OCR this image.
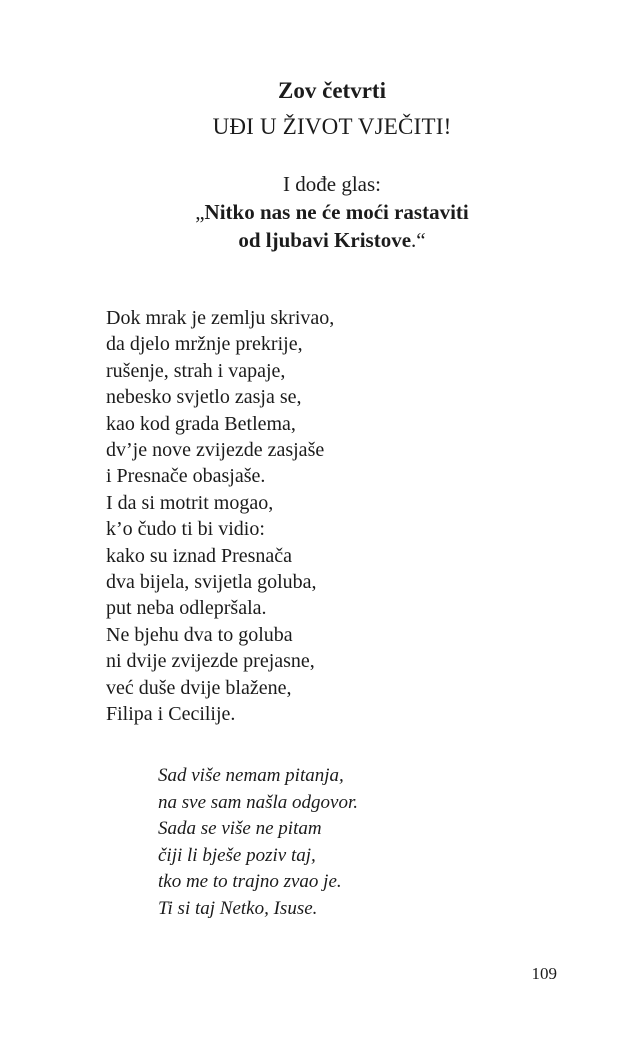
Zov četvrti
UĐI U ŽIVOT VJEČITI!
I dođe glas:
„Nitko nas ne će moći rastaviti
od ljubavi Kristove.“
Dok mrak je zemlju skrivao,
da djelo mržnje prekrije,
rušenje, strah i vapaje,
nebesko svjetlo zasja se,
kao kod grada Betlema,
dv’je nove zvijezde zasjaše
i Presnače obasjaše.
I da si motrit mogao,
k’o čudo ti bi vidio:
kako su iznad Presnača
dva bijela, svijetla goluba,
put neba odlepršala.
Ne bjehu dva to goluba
ni dvije zvijezde prejasne,
već duše dvije blažene,
Filipa i Cecilije.
Sad više nemam pitanja,
na sve sam našla odgovor.
Sada se više ne pitam
čiji li bješe poziv taj,
tko me to trajno zvao je.
Ti si taj Netko, Isuse.
109
